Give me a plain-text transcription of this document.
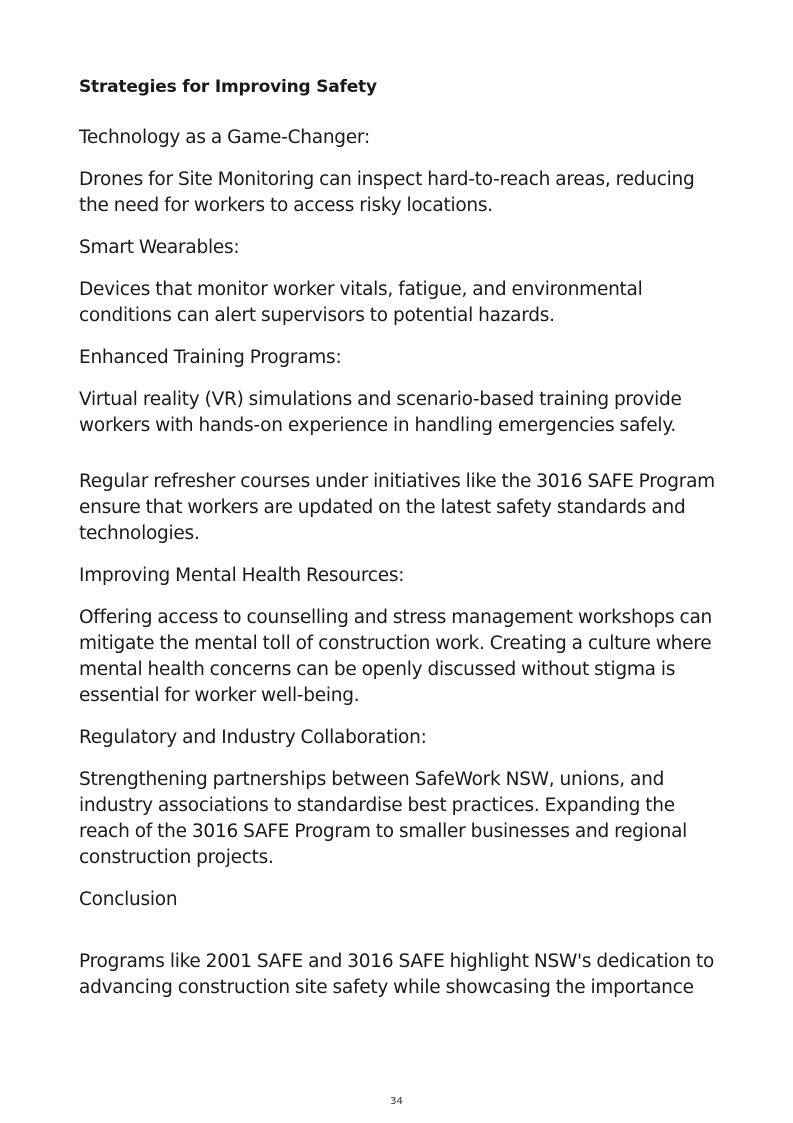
Strategies for Improving Safety

Technology as a Game-Changer:

Drones for Site Monitoring can inspect hard-to-reach areas, reducing the need for workers to access risky locations.

Smart Wearables:

Devices that monitor worker vitals, fatigue, and environmental conditions can alert supervisors to potential hazards.

Enhanced Training Programs:

Virtual reality (VR) simulations and scenario-based training provide workers with hands-on experience in handling emergencies safely.

Regular refresher courses under initiatives like the 3016 SAFE Program ensure that workers are updated on the latest safety standards and technologies.

Improving Mental Health Resources:

Offering access to counselling and stress management workshops can mitigate the mental toll of construction work. Creating a culture where mental health concerns can be openly discussed without stigma is essential for worker well-being.

Regulatory and Industry Collaboration:

Strengthening partnerships between SafeWork NSW, unions, and industry associations to standardise best practices. Expanding the reach of the 3016 SAFE Program to smaller businesses and regional construction projects.

Conclusion

Programs like 2001 SAFE and 3016 SAFE highlight NSW's dedication to advancing construction site safety while showcasing the importance

34
